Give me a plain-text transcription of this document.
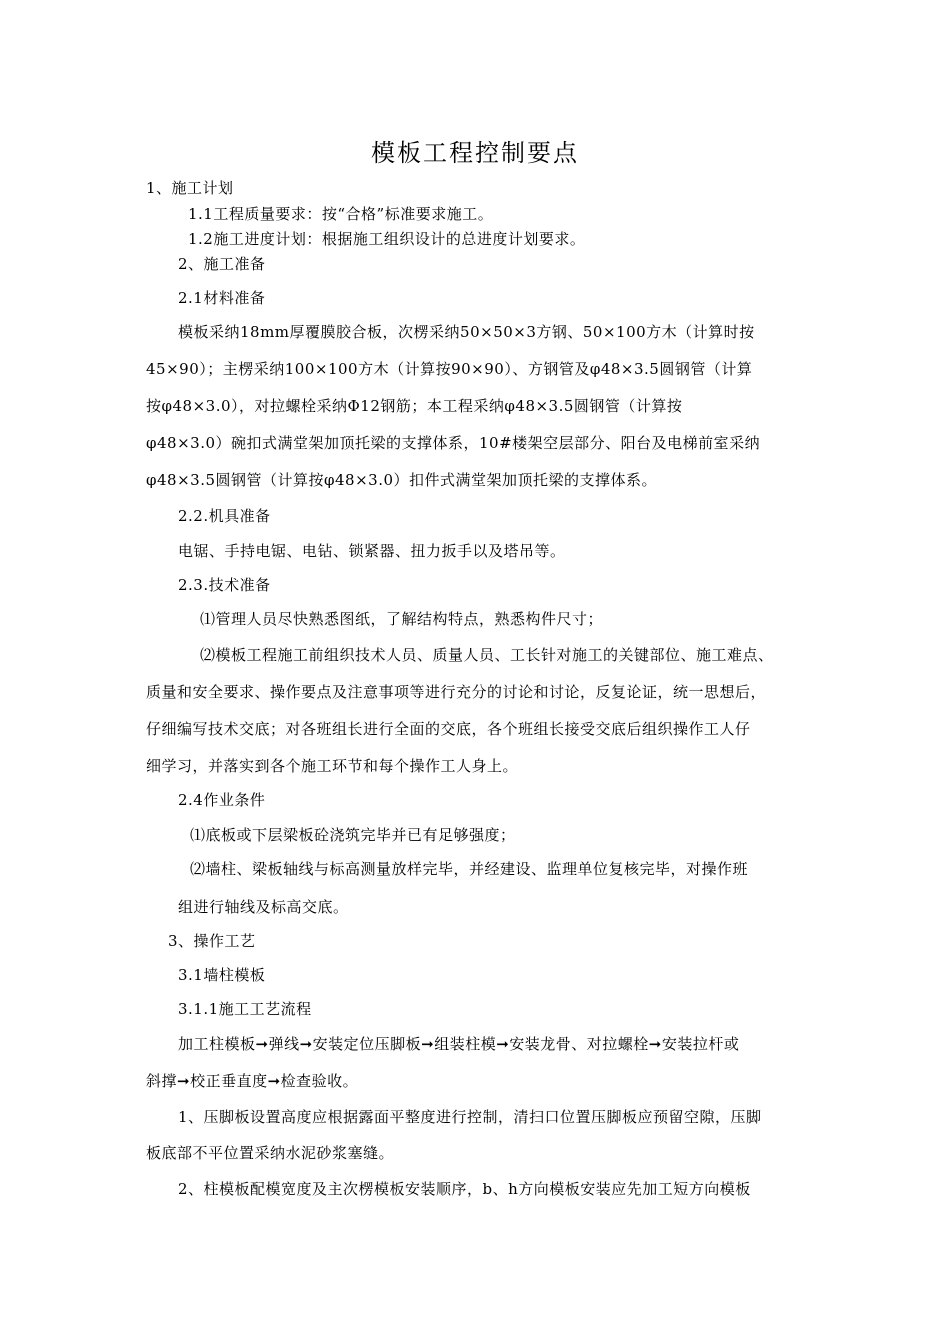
模板工程控制要点
1、施工计划
1.1工程质量要求：按“合格”标准要求施工。
1.2施工进度计划：根据施工组织设计的总进度计划要求。
2、施工准备
2.1材料准备
模板采纳18mm厚覆膜胶合板，次楞采纳50×50×3方钢、50×100方木（计算时按
45×90）；主楞采纳100×100方木（计算按90×90）、方钢管及φ48×3.5圆钢管（计算
按φ48×3.0），对拉螺栓采纳Φ12钢筋；本工程采纳φ48×3.5圆钢管（计算按
φ48×3.0）碗扣式满堂架加顶托梁的支撑体系，10#楼架空层部分、阳台及电梯前室采纳
φ48×3.5圆钢管（计算按φ48×3.0）扣件式满堂架加顶托梁的支撑体系。
2.2.机具准备
电锯、手持电锯、电钻、锁紧器、扭力扳手以及塔吊等。
2.3.技术准备
⑴管理人员尽快熟悉图纸，了解结构特点，熟悉构件尺寸；
⑵模板工程施工前组织技术人员、质量人员、工长针对施工的关键部位、施工难点、
质量和安全要求、操作要点及注意事项等进行充分的讨论和讨论，反复论证，统一思想后，
仔细编写技术交底；对各班组长进行全面的交底，各个班组长接受交底后组织操作工人仔
细学习，并落实到各个施工环节和每个操作工人身上。
2.4作业条件
⑴底板或下层梁板砼浇筑完毕并已有足够强度；
⑵墙柱、梁板轴线与标高测量放样完毕，并经建设、监理单位复核完毕，对操作班
组进行轴线及标高交底。
3、操作工艺
3.1墙柱模板
3.1.1施工工艺流程
加工柱模板➞弹线➞安装定位压脚板➞组装柱模➞安装龙骨、对拉螺栓➞安装拉杆或
斜撑➞校正垂直度➞检查验收。
1、压脚板设置高度应根据露面平整度进行控制，清扫口位置压脚板应预留空隙，压脚
板底部不平位置采纳水泥砂浆塞缝。
2、柱模板配模宽度及主次楞模板安装顺序，b、h方向模板安装应先加工短方向模板
